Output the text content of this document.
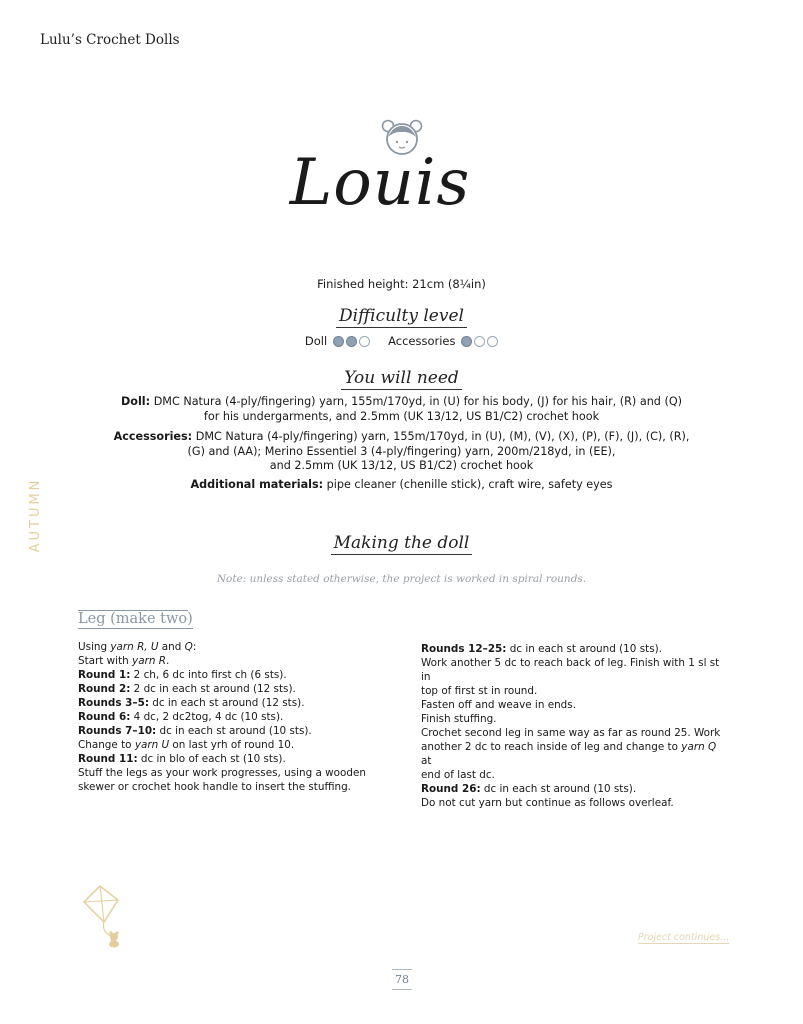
Lulu’s Crochet Dolls
Louis
Finished height: 21cm (8¼in)
Difficulty level
Doll	Accessories
You will need
Doll: DMC Natura (4-ply/fingering) yarn, 155m/170yd, in (U) for his body, (J) for his hair, (R) and (Q)
for his undergarments, and 2.5mm (UK 13/12, US B1/C2) crochet hook
Accessories: DMC Natura (4-ply/fingering) yarn, 155m/170yd, in (U), (M), (V), (X), (P), (F), (J), (C), (R),
(G) and (AA); Merino Essentiel 3 (4-ply/fingering) yarn, 200m/218yd, in (EE),
and 2.5mm (UK 13/12, US B1/C2) crochet hook
Additional materials: pipe cleaner (chenille stick), craft wire, safety eyes
AUTUMN	Making the doll
Note: unless stated otherwise, the project is worked in spiral rounds.
Leg (make two)
Using yarn R, U and Q:
Start with yarn R.
Round 1: 2 ch, 6 dc into first ch (6 sts).
Round 2: 2 dc in each st around (12 sts).
Rounds 3–5: dc in each st around (12 sts).
Round 6: 4 dc, 2 dc2tog, 4 dc (10 sts).
Rounds 7–10: dc in each st around (10 sts).
Change to yarn U on last yrh of round 10.
Round 11: dc in blo of each st (10 sts).
Stuff the legs as your work progresses, using a wooden
skewer or crochet hook handle to insert the stuffing.
Rounds 12–25: dc in each st around (10 sts).
Work another 5 dc to reach back of leg. Finish with 1 sl st in
top of first st in round.
Fasten off and weave in ends.
Finish stuffing.
Crochet second leg in same way as far as round 25. Work
another 2 dc to reach inside of leg and change to yarn Q at
end of last dc.
Round 26: dc in each st around (10 sts).
Do not cut yarn but continue as follows overleaf.
Project continues...
78
